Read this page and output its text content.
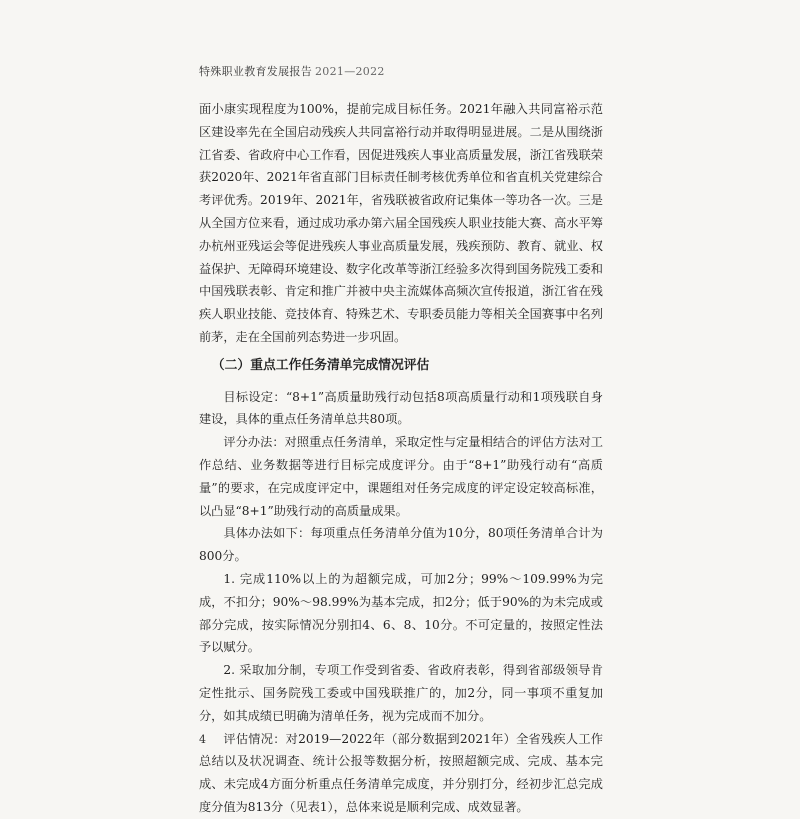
特殊职业教育发展报告 2021—2022

面小康实现程度为100%，提前完成目标任务。2021年融入共同富裕示范区建设率先在全国启动残疾人共同富裕行动并取得明显进展。二是从围绕浙江省委、省政府中心工作看，因促进残疾人事业高质量发展，浙江省残联荣获2020年、2021年省直部门目标责任制考核优秀单位和省直机关党建综合考评优秀。2019年、2021年，省残联被省政府记集体一等功各一次。三是从全国方位来看，通过成功承办第六届全国残疾人职业技能大赛、高水平筹办杭州亚残运会等促进残疾人事业高质量发展，残疾预防、教育、就业、权益保护、无障碍环境建设、数字化改革等浙江经验多次得到国务院残工委和中国残联表彰、肯定和推广并被中央主流媒体高频次宣传报道，浙江省在残疾人职业技能、竞技体育、特殊艺术、专职委员能力等相关全国赛事中名列前茅，走在全国前列态势进一步巩固。

（二）重点工作任务清单完成情况评估

目标设定：“8+1”高质量助残行动包括8项高质量行动和1项残联自身建设，具体的重点任务清单总共80项。

评分办法：对照重点任务清单，采取定性与定量相结合的评估方法对工作总结、业务数据等进行目标完成度评分。由于“8+1”助残行动有“高质量”的要求，在完成度评定中，课题组对任务完成度的评定设定较高标准，以凸显“8+1”助残行动的高质量成果。

具体办法如下：每项重点任务清单分值为10分，80项任务清单合计为800分。

1. 完成110%以上的为超额完成，可加2分；99%～109.99%为完成，不扣分；90%～98.99%为基本完成，扣2分；低于90%的为未完成或部分完成，按实际情况分别扣4、6、8、10分。不可定量的，按照定性法予以赋分。

2. 采取加分制，专项工作受到省委、省政府表彰，得到省部级领导肯定性批示、国务院残工委或中国残联推广的，加2分，同一事项不重复加分，如其成绩已明确为清单任务，视为完成而不加分。

评估情况：对2019—2022年（部分数据到2021年）全省残疾人工作总结以及状况调查、统计公报等数据分析，按照超额完成、完成、基本完成、未完成4方面分析重点任务清单完成度，并分别打分，经初步汇总完成度分值为813分（见表1），总体来说是顺利完成、成效显著。

4
